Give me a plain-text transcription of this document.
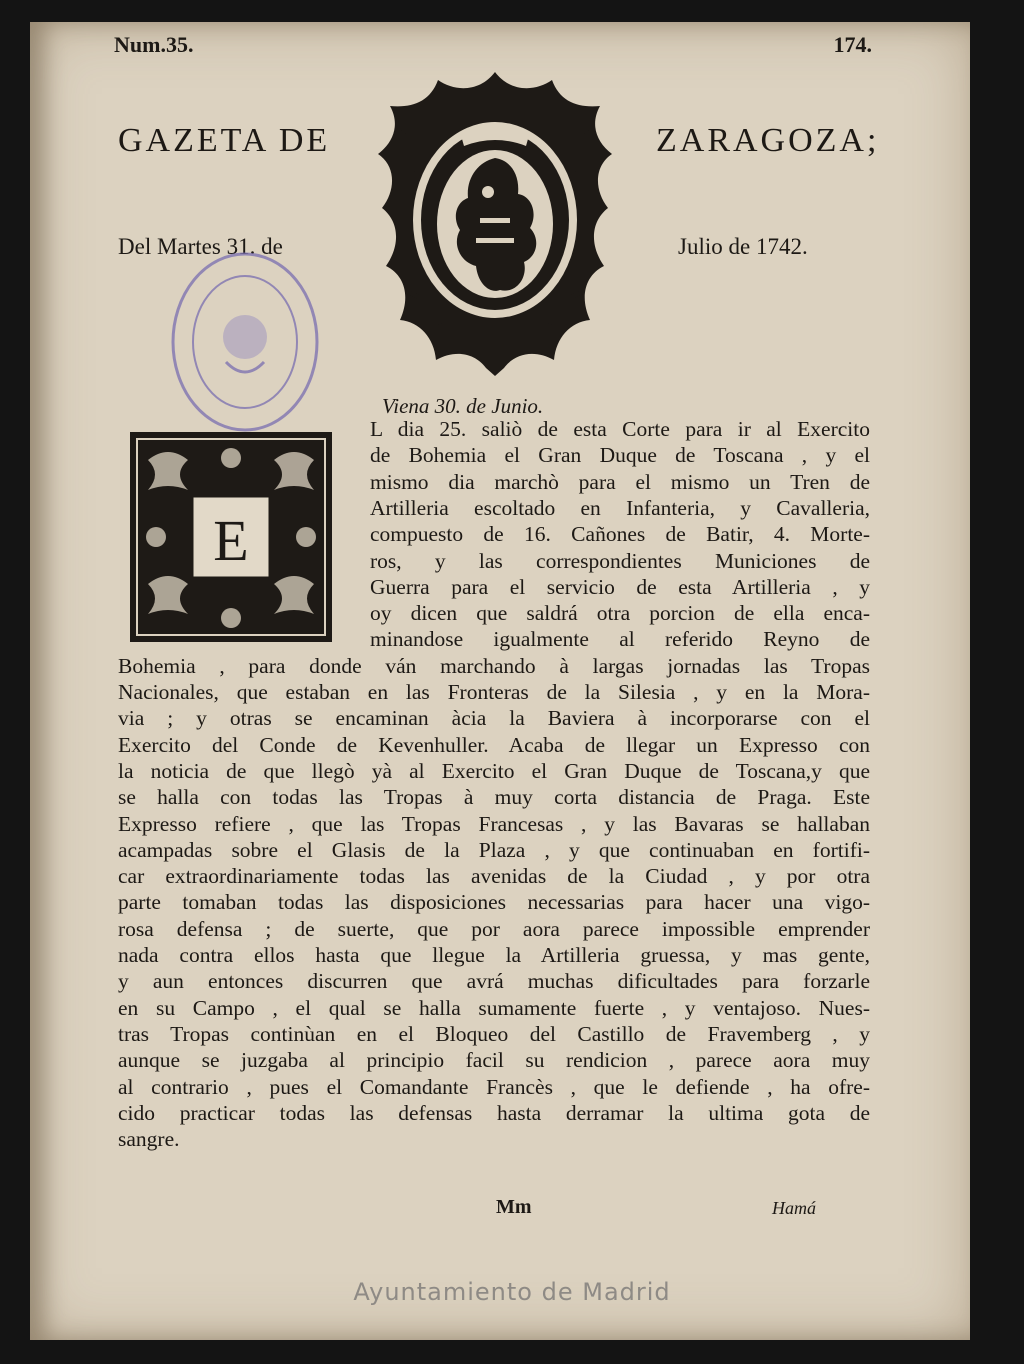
Num.35.	174.
GAZETA DE	ZARAGOZA;
Del Martes 31. de	Julio de 1742.
Viena 30. de Junio.
E
L dia 25. saliò de esta Corte para ir al Exercito
de Bohemia el Gran Duque de Toscana , y el
mismo dia marchò para el mismo un Tren de
Artilleria escoltado en Infanteria, y Cavalleria,
compuesto de 16. Cañones de Batir, 4. Morte-
ros, y las correspondientes Municiones de
Guerra para el servicio de esta Artilleria , y
oy dicen que saldrá otra porcion de ella enca-
minandose igualmente al referido Reyno de
Bohemia , para donde ván marchando à largas jornadas las Tropas
Nacionales, que estaban en las Fronteras de la Silesia , y en la Mora-
via ; y otras se encaminan àcia la Baviera à incorporarse con el
Exercito del Conde de Kevenhuller. Acaba de llegar un Expresso con
la noticia de que llegò yà al Exercito el Gran Duque de Toscana,y que
se halla con todas las Tropas à muy corta distancia de Praga. Este
Expresso refiere , que las Tropas Francesas , y las Bavaras se hallaban
acampadas sobre el Glasis de la Plaza , y que continuaban en fortifi-
car extraordinariamente todas las avenidas de la Ciudad , y por otra
parte tomaban todas las disposiciones necessarias para hacer una vigo-
rosa defensa ; de suerte, que por aora parece impossible emprender
nada contra ellos hasta que llegue la Artilleria gruessa, y mas gente,
y aun entonces discurren que avrá muchas dificultades para forzarle
en su Campo , el qual se halla sumamente fuerte , y ventajoso. Nues-
tras Tropas continùan en el Bloqueo del Castillo de Fravemberg , y
aunque se juzgaba al principio facil su rendicion , parece aora muy
al contrario , pues el Comandante Francès , que le defiende , ha ofre-
cido practicar todas las defensas hasta derramar la ultima gota de
sangre.
Mm	Hamá
Ayuntamiento de Madrid
